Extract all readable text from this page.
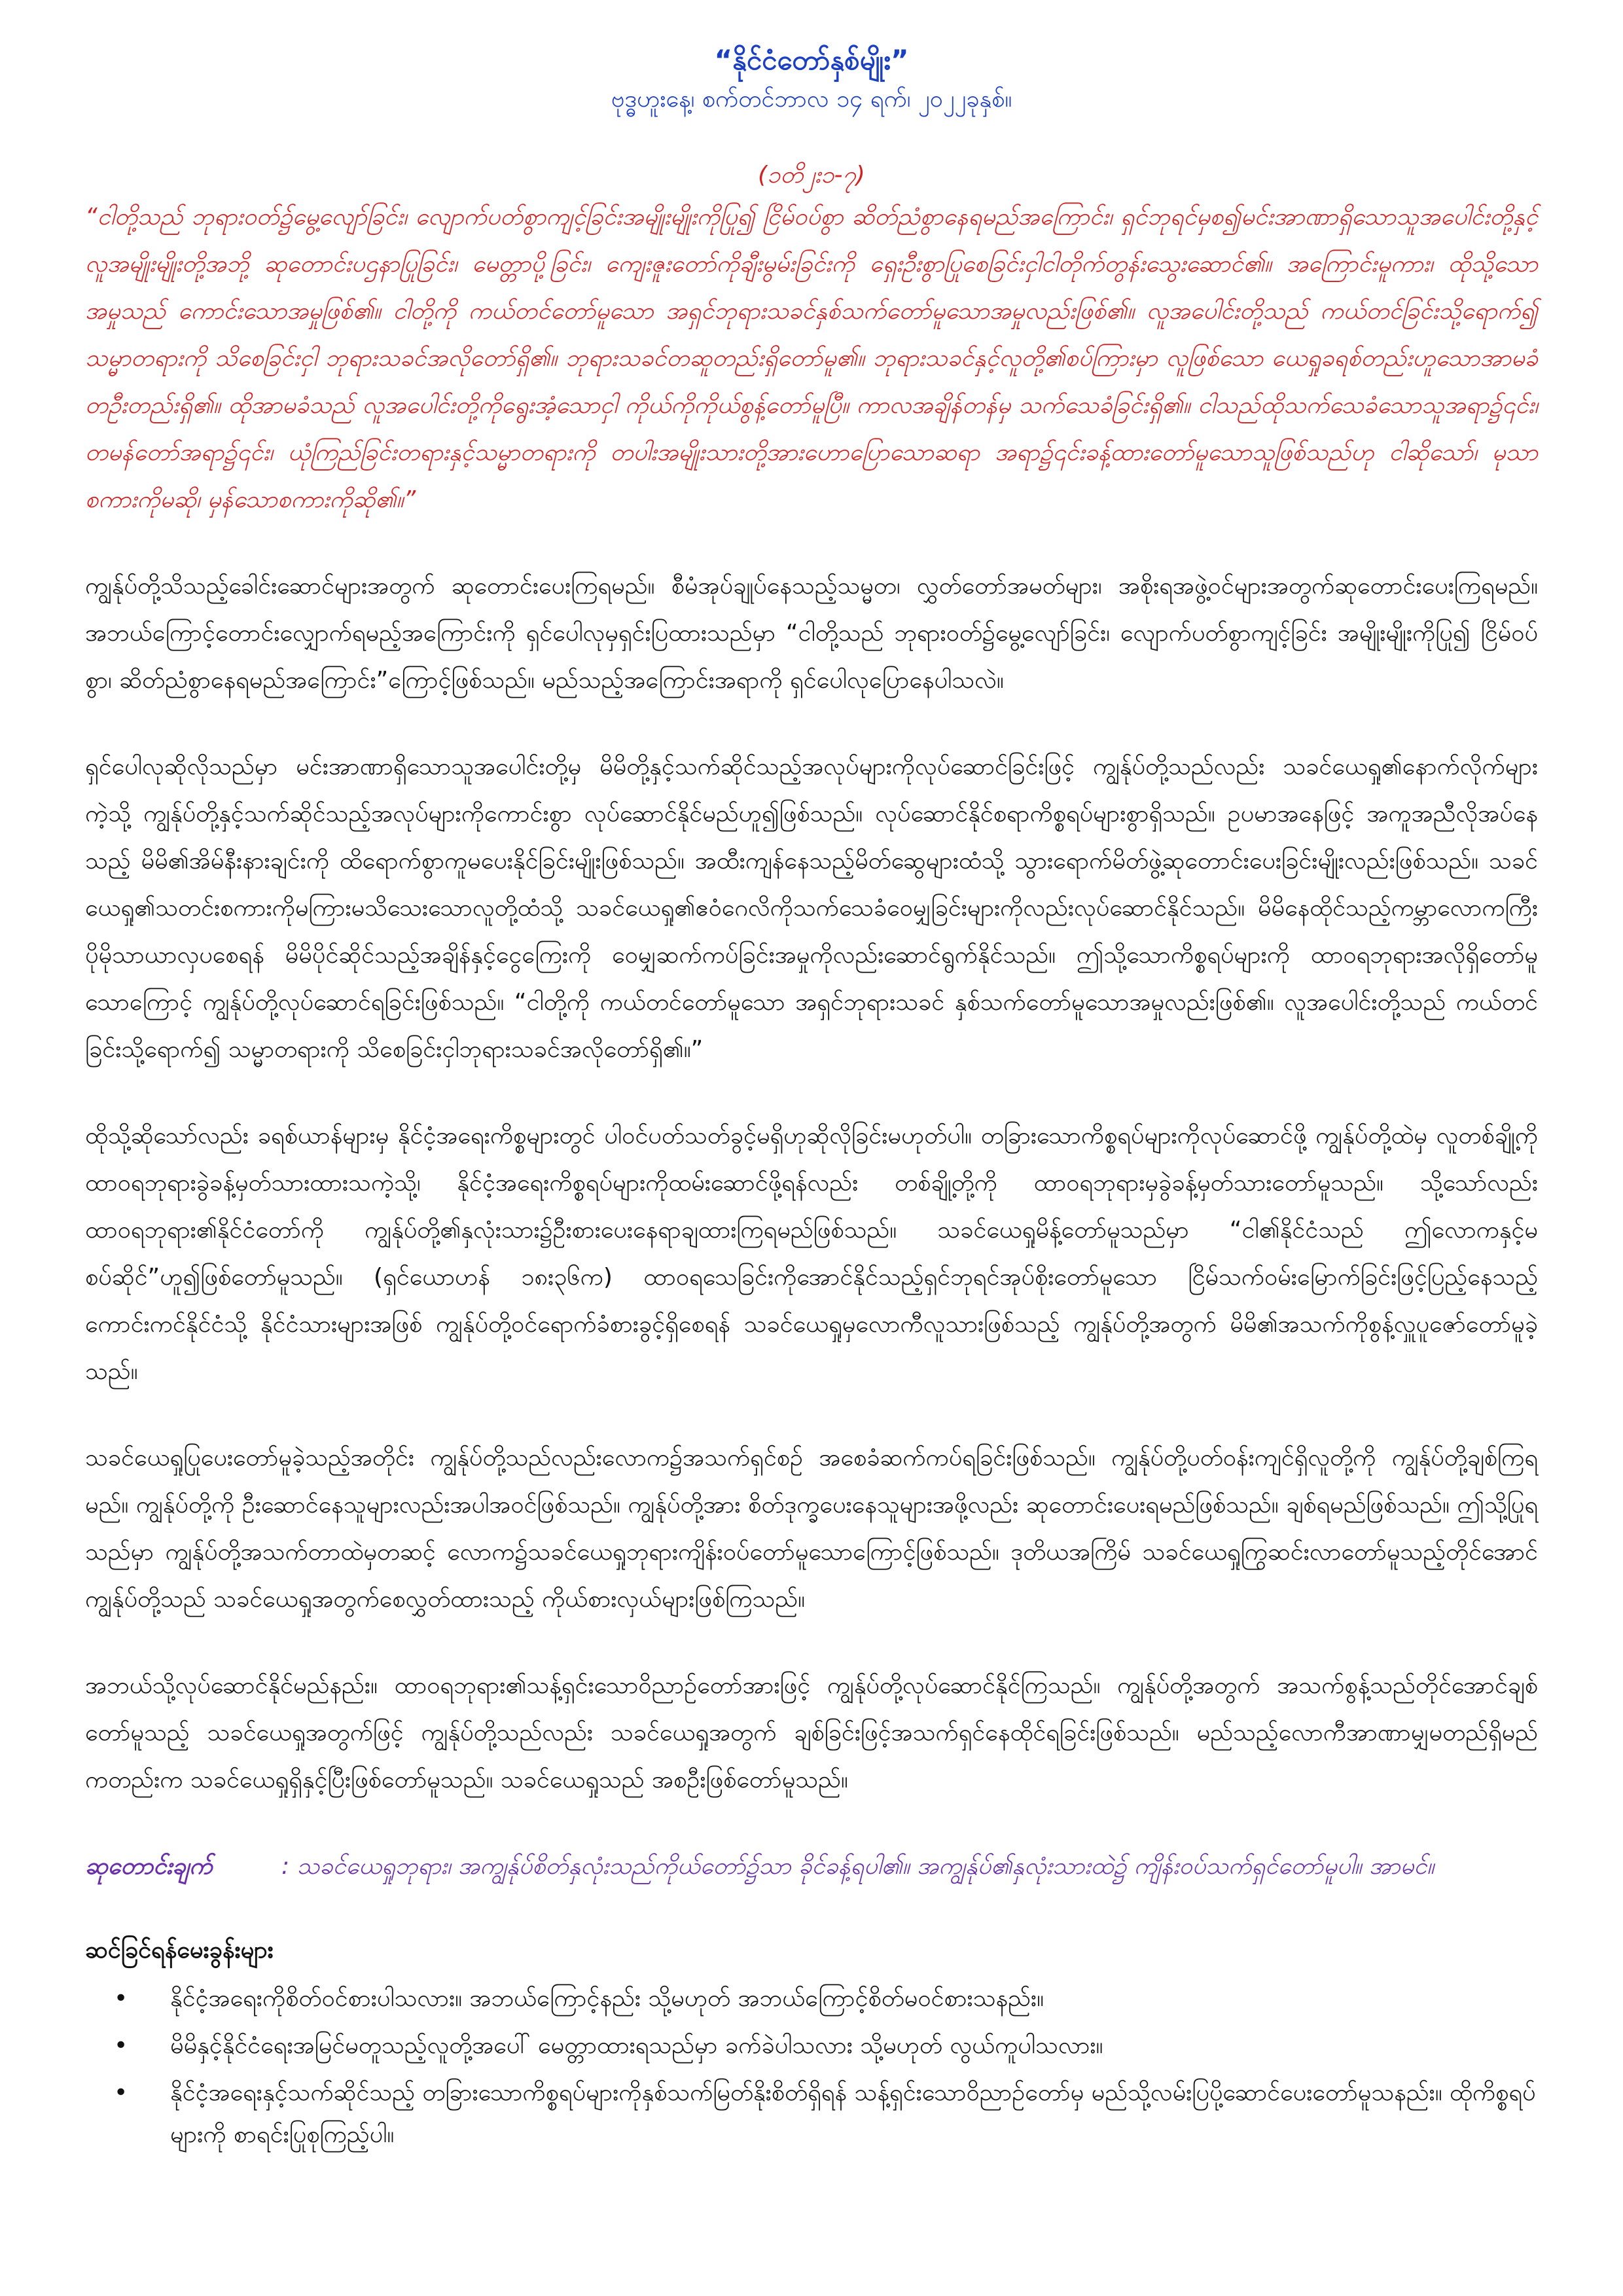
“နိုင်ငံတော်နှစ်မျိုး”
ဗုဒ္ဓဟူးနေ့၊ စက်တင်ဘာလ ၁၄ ရက်၊ ၂၀၂၂ခုနှစ်။
(၁တိ၂း၁-၇)
“ငါတို့သည် ဘုရားဝတ်၌မွေ့လျော်ခြင်း၊ လျောက်ပတ်စွာကျင့်ခြင်းအမျိုးမျိုးကိုပြု၍ ငြိမ်ဝပ်စွာ ဆိတ်ညံစွာနေရမည်အကြောင်း၊ ရှင်ဘုရင်မှစ၍မင်းအာဏာရှိသောသူအပေါင်းတို့နှင့်လူအမျိုးမျိုးတို့အဘို့ ဆုတောင်းပဌနာပြုခြင်း၊ မေတ္တာပို့ခြင်း၊ ကျေးဇူးတော်ကိုချီးမွမ်းခြင်းကို ရှေးဦးစွာပြုစေခြင်းငှါငါတိုက်တွန်းသွေးဆောင်၏။ အကြောင်းမူကား၊ ထိုသို့သောအမှုသည် ကောင်းသောအမှုဖြစ်၏။ ငါတို့ကို ကယ်တင်တော်မူသော အရှင်ဘုရားသခင်နှစ်သက်တော်မူသောအမှုလည်းဖြစ်၏။ လူအပေါင်းတို့သည် ကယ်တင်ခြင်းသို့ရောက်၍ သမ္မာတရားကို သိစေခြင်းငှါ ဘုရားသခင်အလိုတော်ရှိ၏။ ဘုရားသခင်တဆူတည်းရှိတော်မူ၏။ ဘုရားသခင်နှင့်လူတို့၏စပ်ကြားမှာ လူဖြစ်သော ယေရှုခရစ်တည်းဟူသောအာမခံတဦးတည်းရှိ၏။ ထိုအာမခံသည် လူအပေါင်းတို့ကိုရွေးအံ့သောငှါ ကိုယ်ကိုကိုယ်စွန့်တော်မူပြီ။ ကာလအချိန်တန်မှ သက်သေခံခြင်းရှိ၏။ ငါသည်ထိုသက်သေခံသောသူအရာ၌၎င်း၊ တမန်တော်အရာ၌၎င်း၊ ယုံကြည်ခြင်းတရားနှင့်သမ္မာတရားကို တပါးအမျိုးသားတို့အားဟောပြောသောဆရာ အရာ၌၎င်းခန့်ထားတော်မူသောသူဖြစ်သည်ဟု ငါဆိုသော်၊ မုသာစကားကိုမဆို၊ မှန်သောစကားကိုဆို၏။”
ကျွန်ုပ်တို့သိသည့်ခေါင်းဆောင်များအတွက် ဆုတောင်းပေးကြရမည်။ စီမံအုပ်ချုပ်နေသည့်သမ္မတ၊ လွှတ်တော်အမတ်များ၊ အစိုးရအဖွဲ့ဝင်များအတွက်ဆုတောင်းပေးကြရမည်။ အဘယ်ကြောင့်တောင်းလျှောက်ရမည့်အကြောင်းကို ရှင်ပေါလုမှရှင်းပြထားသည်မှာ “ငါတို့သည် ဘုရားဝတ်၌မွေ့လျော်ခြင်း၊ လျောက်ပတ်စွာကျင့်ခြင်း အမျိုးမျိုးကိုပြု၍ ငြိမ်ဝပ်စွာ၊ ဆိတ်ညံစွာနေရမည်အကြောင်း”ကြောင့်ဖြစ်သည်။ မည်သည့်အကြောင်းအရာကို ရှင်ပေါလုပြောနေပါသလဲ။
ရှင်ပေါလုဆိုလိုသည်မှာ မင်းအာဏာရှိသောသူအပေါင်းတို့မှ မိမိတို့နှင့်သက်ဆိုင်သည့်အလုပ်များကိုလုပ်ဆောင်ခြင်းဖြင့် ကျွန်ုပ်တို့သည်လည်း သခင်ယေရှု၏နောက်လိုက်များကဲ့သို့ ကျွန်ုပ်တို့နှင့်သက်ဆိုင်သည့်အလုပ်များကိုကောင်းစွာ လုပ်ဆောင်နိုင်မည်ဟူ၍ဖြစ်သည်။ လုပ်ဆောင်နိုင်စရာကိစ္စရပ်များစွာရှိသည်။ ဥပမာအနေဖြင့် အကူအညီလိုအပ်နေသည့် မိမိ၏အိမ်နီးနားချင်းကို ထိရောက်စွာကူမပေးနိုင်ခြင်းမျိုးဖြစ်သည်။ အထီးကျန်နေသည့်မိတ်ဆွေများထံသို့ သွားရောက်မိတ်ဖွဲ့ဆုတောင်းပေးခြင်းမျိုးလည်းဖြစ်သည်။ သခင်ယေရှု၏သတင်းစကားကိုမကြားမသိသေးသောလူတို့ထံသို့ သခင်ယေရှု၏ဧဝံဂေလိကိုသက်သေခံဝေမျှခြင်းများကိုလည်းလုပ်ဆောင်နိုင်သည်။ မိမိနေထိုင်သည့်ကမ္ဘာလောကကြီး ပိုမိုသာယာလှပစေရန် မိမိပိုင်ဆိုင်သည့်အချိန်နှင့်ငွေကြေးကို ဝေမျှဆက်ကပ်ခြင်းအမှုကိုလည်းဆောင်ရွက်နိုင်သည်။ ဤသို့သောကိစ္စရပ်များကို ထာဝရဘုရားအလိုရှိတော်မူသောကြောင့် ကျွန်ုပ်တို့လုပ်ဆောင်ရခြင်းဖြစ်သည်။ “ငါတို့ကို ကယ်တင်တော်မူသော အရှင်ဘုရားသခင် နှစ်သက်တော်မူသောအမှုလည်းဖြစ်၏။ လူအပေါင်းတို့သည် ကယ်တင်ခြင်းသို့ရောက်၍ သမ္မာတရားကို သိစေခြင်းငှါဘုရားသခင်အလိုတော်ရှိ၏။”
ထိုသို့ဆိုသော်လည်း ခရစ်ယာန်များမှ နိုင်ငံ့အရေးကိစ္စများတွင် ပါဝင်ပတ်သတ်ခွင့်မရှိဟုဆိုလိုခြင်းမဟုတ်ပါ။ တခြားသောကိစ္စရပ်များကိုလုပ်ဆောင်ဖို့ ကျွန်ုပ်တို့ထဲမှ လူတစ်ချို့ကို ထာဝရဘုရားခွဲခန့်မှတ်သားထားသကဲ့သို့၊ နိုင်ငံ့အရေးကိစ္စရပ်များကိုထမ်းဆောင်ဖို့ရန်လည်း တစ်ချို့တို့ကို ထာဝရဘုရားမှခွဲခန့်မှတ်သားတော်မူသည်။ သို့သော်လည်း ထာဝရဘုရား၏နိုင်ငံတော်ကို ကျွန်ုပ်တို့၏နှလုံးသား၌ဦးစားပေးနေရာချထားကြရမည်ဖြစ်သည်။ သခင်ယေရှုမိန့်တော်မူသည်မှာ “ငါ၏နိုင်ငံသည် ဤလောကနှင့်မစပ်ဆိုင်”ဟူ၍ဖြစ်တော်မူသည်။ (ရှင်ယောဟန် ၁၈း၃၆က) ထာဝရသေခြင်းကိုအောင်နိုင်သည့်ရှင်ဘုရင်အုပ်စိုးတော်မူသော ငြိမ်သက်ဝမ်းမြောက်ခြင်းဖြင့်ပြည့်နေသည့်ကောင်းကင်နိုင်ငံသို့ နိုင်ငံသားများအဖြစ် ကျွန်ုပ်တို့ဝင်ရောက်ခံစားခွင့်ရှိစေရန် သခင်ယေရှုမှလောကီလူသားဖြစ်သည့် ကျွန်ုပ်တို့အတွက် မိမိ၏အသက်ကိုစွန့်လှူပူဇော်တော်မူခဲ့သည်။
သခင်ယေရှုပြုပေးတော်မူခဲ့သည့်အတိုင်း ကျွန်ုပ်တို့သည်လည်းလောက၌အသက်ရှင်စဉ် အစေခံဆက်ကပ်ရခြင်းဖြစ်သည်။ ကျွန်ုပ်တို့ပတ်ဝန်းကျင်ရှိလူတို့ကို ကျွန်ုပ်တို့ချစ်ကြရမည်။ ကျွန်ုပ်တို့ကို ဦးဆောင်နေသူများလည်းအပါအဝင်ဖြစ်သည်။ ကျွန်ုပ်တို့အား စိတ်ဒုက္ခပေးနေသူများအဖို့လည်း ဆုတောင်းပေးရမည်ဖြစ်သည်။ ချစ်ရမည်ဖြစ်သည်။ ဤသို့ပြုရသည်မှာ ကျွန်ုပ်တို့အသက်တာထဲမှတဆင့် လောက၌သခင်ယေရှုဘုရားကျိန်းဝပ်တော်မူသောကြောင့်ဖြစ်သည်။ ဒုတိယအကြိမ် သခင်ယေရှုကြွဆင်းလာတော်မူသည့်တိုင်အောင် ကျွန်ုပ်တို့သည် သခင်ယေရှုအတွက်စေလွှတ်ထားသည့် ကိုယ်စားလှယ်များဖြစ်ကြသည်။
အဘယ်သို့လုပ်ဆောင်နိုင်မည်နည်း။ ထာဝရဘုရား၏သန့်ရှင်းသောဝိညာဉ်တော်အားဖြင့် ကျွန်ုပ်တို့လုပ်ဆောင်နိုင်ကြသည်။ ကျွန်ုပ်တို့အတွက် အသက်စွန့်သည်တိုင်အောင်ချစ်တော်မူသည့် သခင်ယေရှုအတွက်ဖြင့် ကျွန်ုပ်တို့သည်လည်း သခင်ယေရှုအတွက် ချစ်ခြင်းဖြင့်အသက်ရှင်နေထိုင်ရခြင်းဖြစ်သည်။ မည်သည့်လောကီအာဏာမျှမတည်ရှိမည်ကတည်းက သခင်ယေရှုရှိနှင့်ပြီးဖြစ်တော်မူသည်။ သခင်ယေရှုသည် အစဦးဖြစ်တော်မူသည်။
ဆုတောင်းချက်	: သခင်ယေရှုဘုရား၊ အကျွန်ုပ်စိတ်နှလုံးသည်ကိုယ်တော်၌သာ ခိုင်ခန့်ရပါ၏။ အကျွန်ုပ်၏နှလုံးသားထဲ၌ ကျိန်းဝပ်သက်ရှင်တော်မူပါ။ အာမင်။
ဆင်ခြင်ရန်မေးခွန်းများ
• နိုင်ငံ့အရေးကိုစိတ်ဝင်စားပါသလား။ အဘယ်ကြောင့်နည်း သို့မဟုတ် အဘယ်ကြောင့်စိတ်မဝင်စားသနည်း။
• မိမိနှင့်နိုင်ငံရေးအမြင်မတူသည့်လူတို့အပေါ် မေတ္တာထားရသည်မှာ ခက်ခဲပါသလား သို့မဟုတ် လွယ်ကူပါသလား။
• နိုင်ငံ့အရေးနှင့်သက်ဆိုင်သည့် တခြားသောကိစ္စရပ်များကိုနှစ်သက်မြတ်နိုးစိတ်ရှိရန် သန့်ရှင်းသောဝိညာဉ်တော်မှ မည်သို့လမ်းပြပို့ဆောင်ပေးတော်မူသနည်း။ ထိုကိစ္စရပ်များကို စာရင်းပြုစုကြည့်ပါ။
